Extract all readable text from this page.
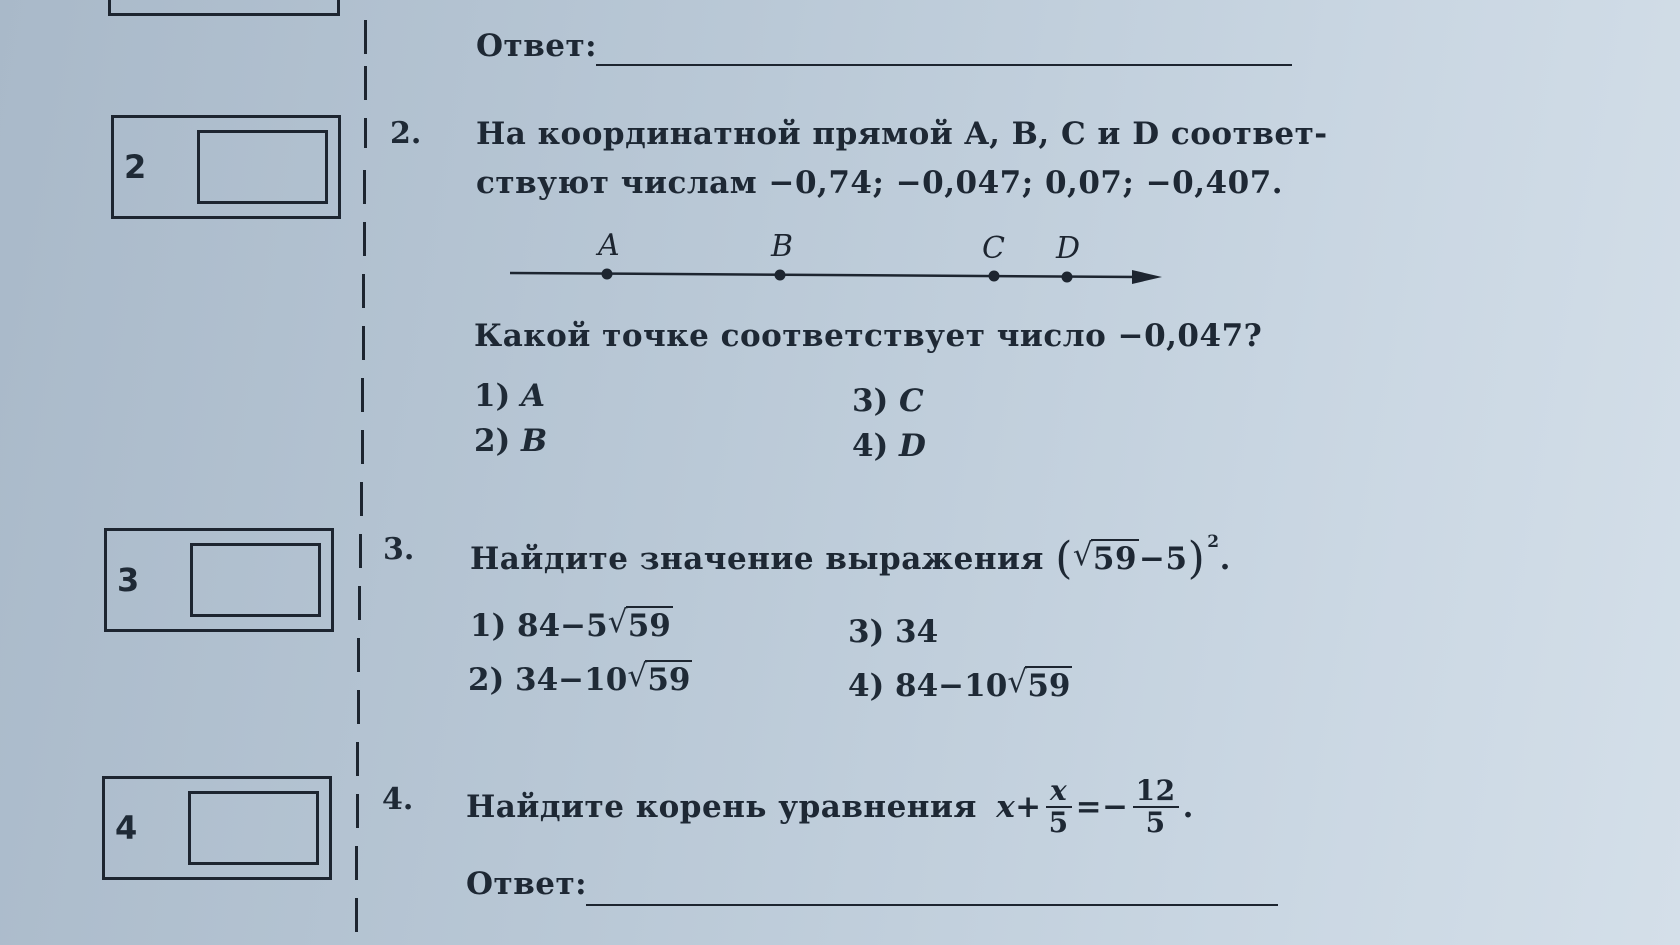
Ответ:
2
2. На координатной прямой A, B, C и D соответ-
ствуют числам −0,74; −0,047; 0,07; −0,407.
A	B	C D
Какой точке соответствует число −0,047?
1) A
2) B
3) C
4) D
3
3. Найдите значение выражения ( √ 59−5) $^2$.
1) 84−5 √ 59
2) 34−10 √ 59
3) 34
4) 84−10 √ 59
4
4. Найдите корень уравнения $x+ \frac{x}{5} =- \frac{12}{5}$ .
Ответ:
